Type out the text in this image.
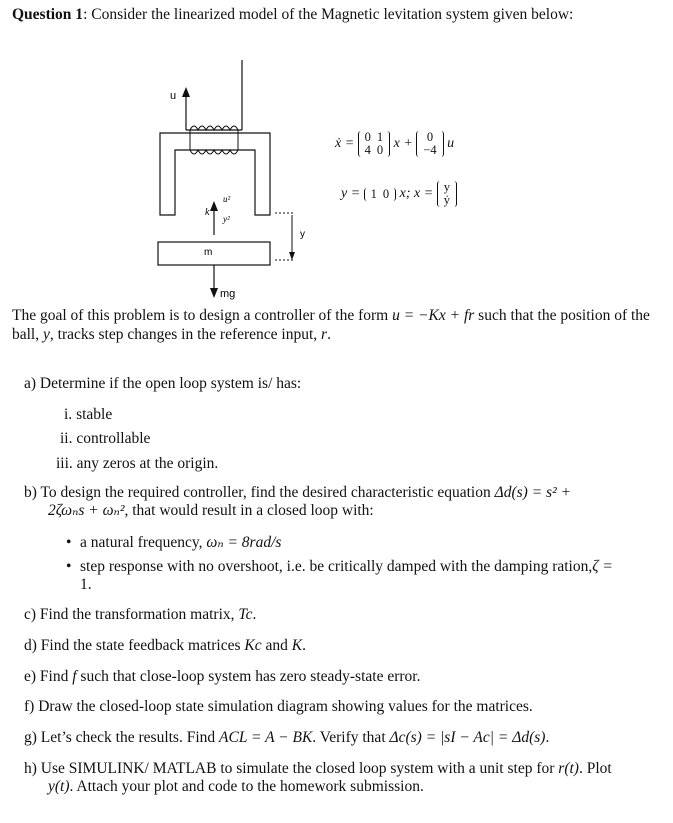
Question 1: Consider the linearized model of the Magnetic levitation system given below:
u
k
u²
y²
m
y
mg
ẋ = 0	1
4	0 x + 0
−4 u
y = 1	0 x; x = y
ẏ
The goal of this problem is to design a controller of the form u = −Kx + fr such that the position of the ball, y, tracks step changes in the reference input, r.
a) Determine if the open loop system is/ has:
i. stable
ii. controllable
iii. any zeros at the origin.
b) To design the required controller, find the desired characteristic equation Δd(s) = s² +
2ζωₙs + ωₙ², that would result in a closed loop with:
• a natural frequency, ωₙ = 8rad/s
• step response with no overshoot, i.e. be critically damped with the damping ration,ζ =
1.
c) Find the transformation matrix, Tc.
d) Find the state feedback matrices Kc and K.
e) Find f such that close-loop system has zero steady-state error.
f) Draw the closed-loop state simulation diagram showing values for the matrices.
g) Let’s check the results. Find ACL = A − BK. Verify that Δc(s) = |sI − Ac| = Δd(s).
h) Use SIMULINK/ MATLAB to simulate the closed loop system with a unit step for r(t). Plot
y(t). Attach your plot and code to the homework submission.
